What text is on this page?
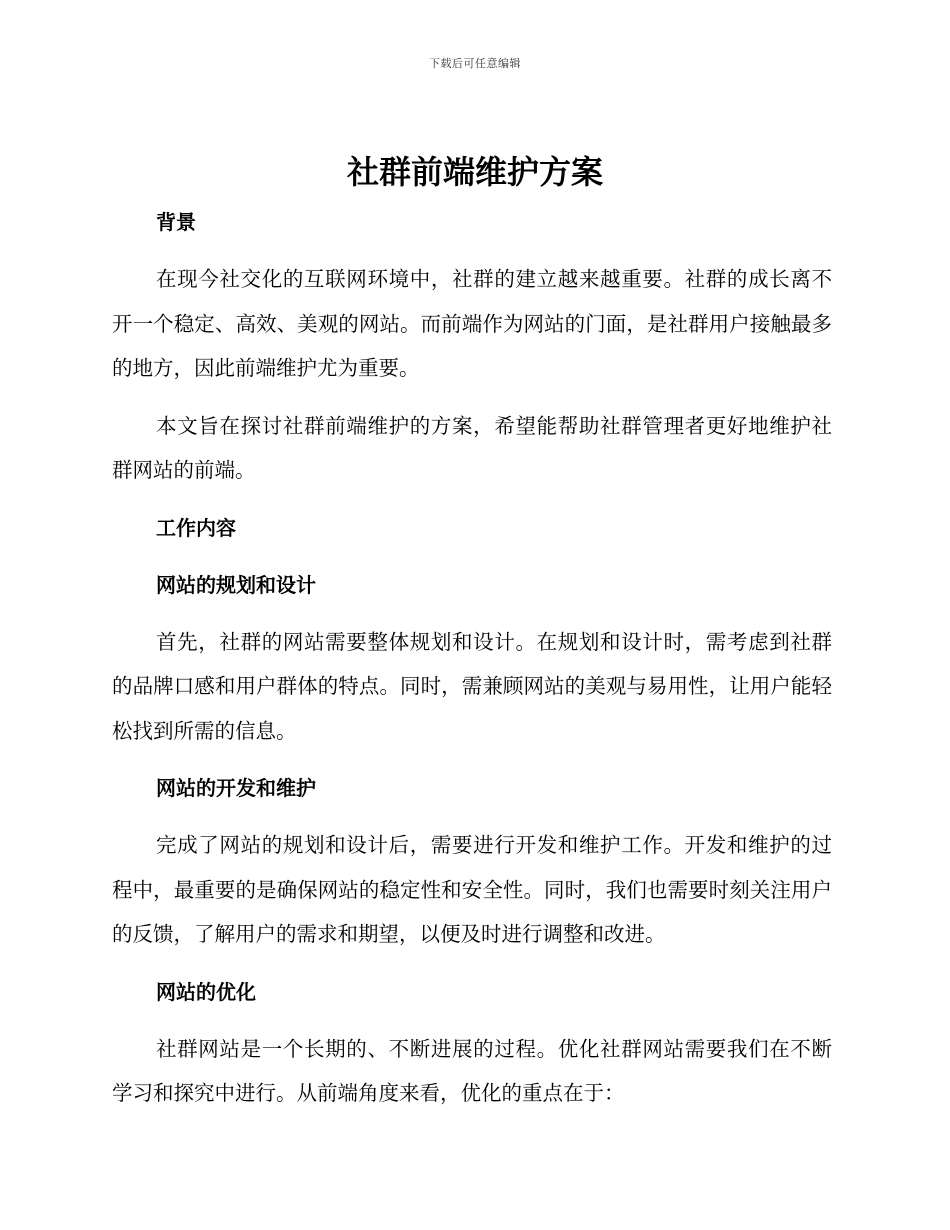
下载后可任意编辑
社群前端维护方案
背景

在现今社交化的互联网环境中，社群的建立越来越重要。社群的成长离不开一个稳定、高效、美观的网站。而前端作为网站的门面，是社群用户接触最多的地方，因此前端维护尤为重要。

本文旨在探讨社群前端维护的方案，希望能帮助社群管理者更好地维护社群网站的前端。

工作内容
网站的规划和设计

首先，社群的网站需要整体规划和设计。在规划和设计时，需考虑到社群的品牌口感和用户群体的特点。同时，需兼顾网站的美观与易用性，让用户能轻松找到所需的信息。

网站的开发和维护

完成了网站的规划和设计后，需要进行开发和维护工作。开发和维护的过程中，最重要的是确保网站的稳定性和安全性。同时，我们也需要时刻关注用户的反馈，了解用户的需求和期望，以便及时进行调整和改进。

网站的优化

社群网站是一个长期的、不断进展的过程。优化社群网站需要我们在不断学习和探究中进行。从前端角度来看，优化的重点在于：
